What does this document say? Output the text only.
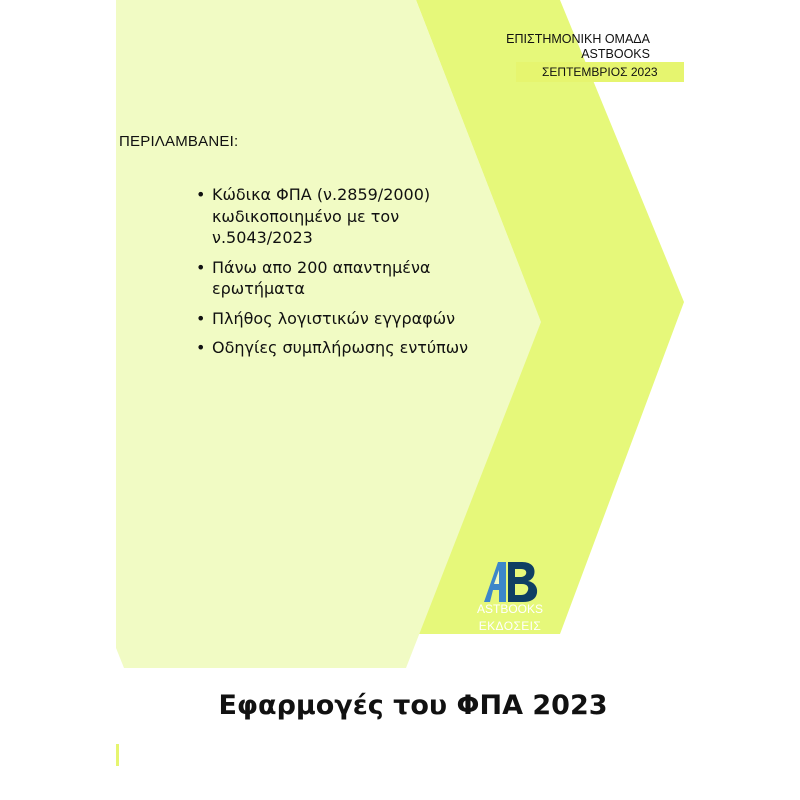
ΕΠΙΣΤΗΜΟΝΙΚΗ ΟΜΑΔΑ
ASTBOOKS
ΣΕΠΤΕΜΒΡΙΟΣ 2023
ΠΕΡΙΛΑΜΒΑΝΕΙ:
• Κώδικα ΦΠΑ (ν.2859/2000) κωδικοποιημένο με τον ν.5043/2023
• Πάνω απο 200 απαντημένα ερωτήματα
• Πλήθος λογιστικών εγγραφών
• Οδηγίες συμπλήρωσης εντύπων
ASTBOOKS
ΕΚΔΟΣΕΙΣ
Εφαρμογές του ΦΠΑ 2023
